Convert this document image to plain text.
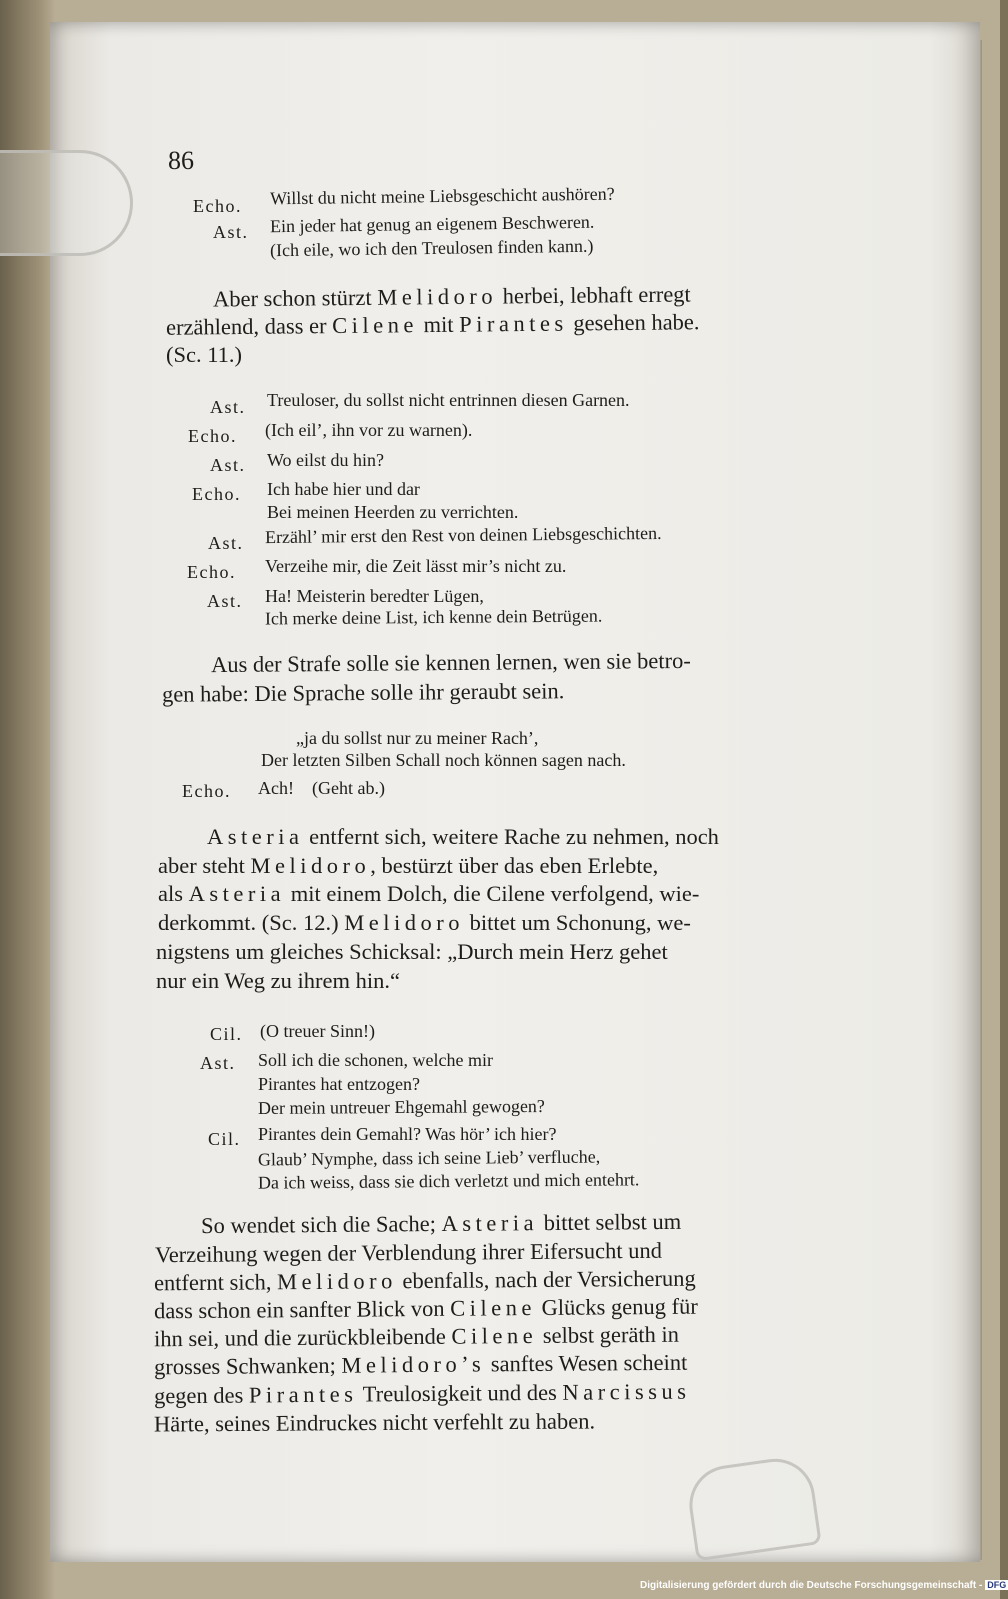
86
Echo. Willst du nicht meine Liebsgeschicht aushören?
Ast. Ein jeder hat genug an eigenem Beschweren.
(Ich eile, wo ich den Treulosen finden kann.)
Aber schon stürzt Melidoro herbei, lebhaft erregt
erzählend, dass er Cilene mit Pirantes gesehen habe.
(Sc. 11.)
Ast. Treuloser, du sollst nicht entrinnen diesen Garnen.
Echo. (Ich eil’, ihn vor zu warnen).
Ast. Wo eilst du hin?
Echo. Ich habe hier und dar
Bei meinen Heerden zu verrichten.
Ast. Erzähl’ mir erst den Rest von deinen Liebsgeschichten.
Echo. Verzeihe mir, die Zeit lässt mir’s nicht zu.
Ast. Ha! Meisterin beredter Lügen,
Ich merke deine List, ich kenne dein Betrügen.
Aus der Strafe solle sie kennen lernen, wen sie betro-
gen habe: Die Sprache solle ihr geraubt sein.
„ja du sollst nur zu meiner Rach’,
Der letzten Silben Schall noch können sagen nach.
Echo. Ach!    (Geht ab.)
Asteria entfernt sich, weitere Rache zu nehmen, noch
aber steht Melidoro, bestürzt über das eben Erlebte,
als Asteria mit einem Dolch, die Cilene verfolgend, wie-
derkommt. (Sc. 12.) Melidoro bittet um Schonung, we-
nigstens um gleiches Schicksal: „Durch mein Herz gehet
nur ein Weg zu ihrem hin.“
Cil. (O treuer Sinn!)
Ast. Soll ich die schonen, welche mir
Pirantes hat entzogen?
Der mein untreuer Ehgemahl gewogen?
Cil. Pirantes dein Gemahl? Was hör’ ich hier?
Glaub’ Nymphe, dass ich seine Lieb’ verfluche,
Da ich weiss, dass sie dich verletzt und mich entehrt.
So wendet sich die Sache; Asteria bittet selbst um
Verzeihung wegen der Verblendung ihrer Eifersucht und
entfernt sich, Melidoro ebenfalls, nach der Versicherung
dass schon ein sanfter Blick von Cilene Glücks genug für
ihn sei, und die zurückbleibende Cilene selbst geräth in
grosses Schwanken; Melidoro’s sanftes Wesen scheint
gegen des Pirantes Treulosigkeit und des Narcissus
Härte, seines Eindruckes nicht verfehlt zu haben.
Digitalisierung gefördert durch die Deutsche Forschungsgemeinschaft - DFG
